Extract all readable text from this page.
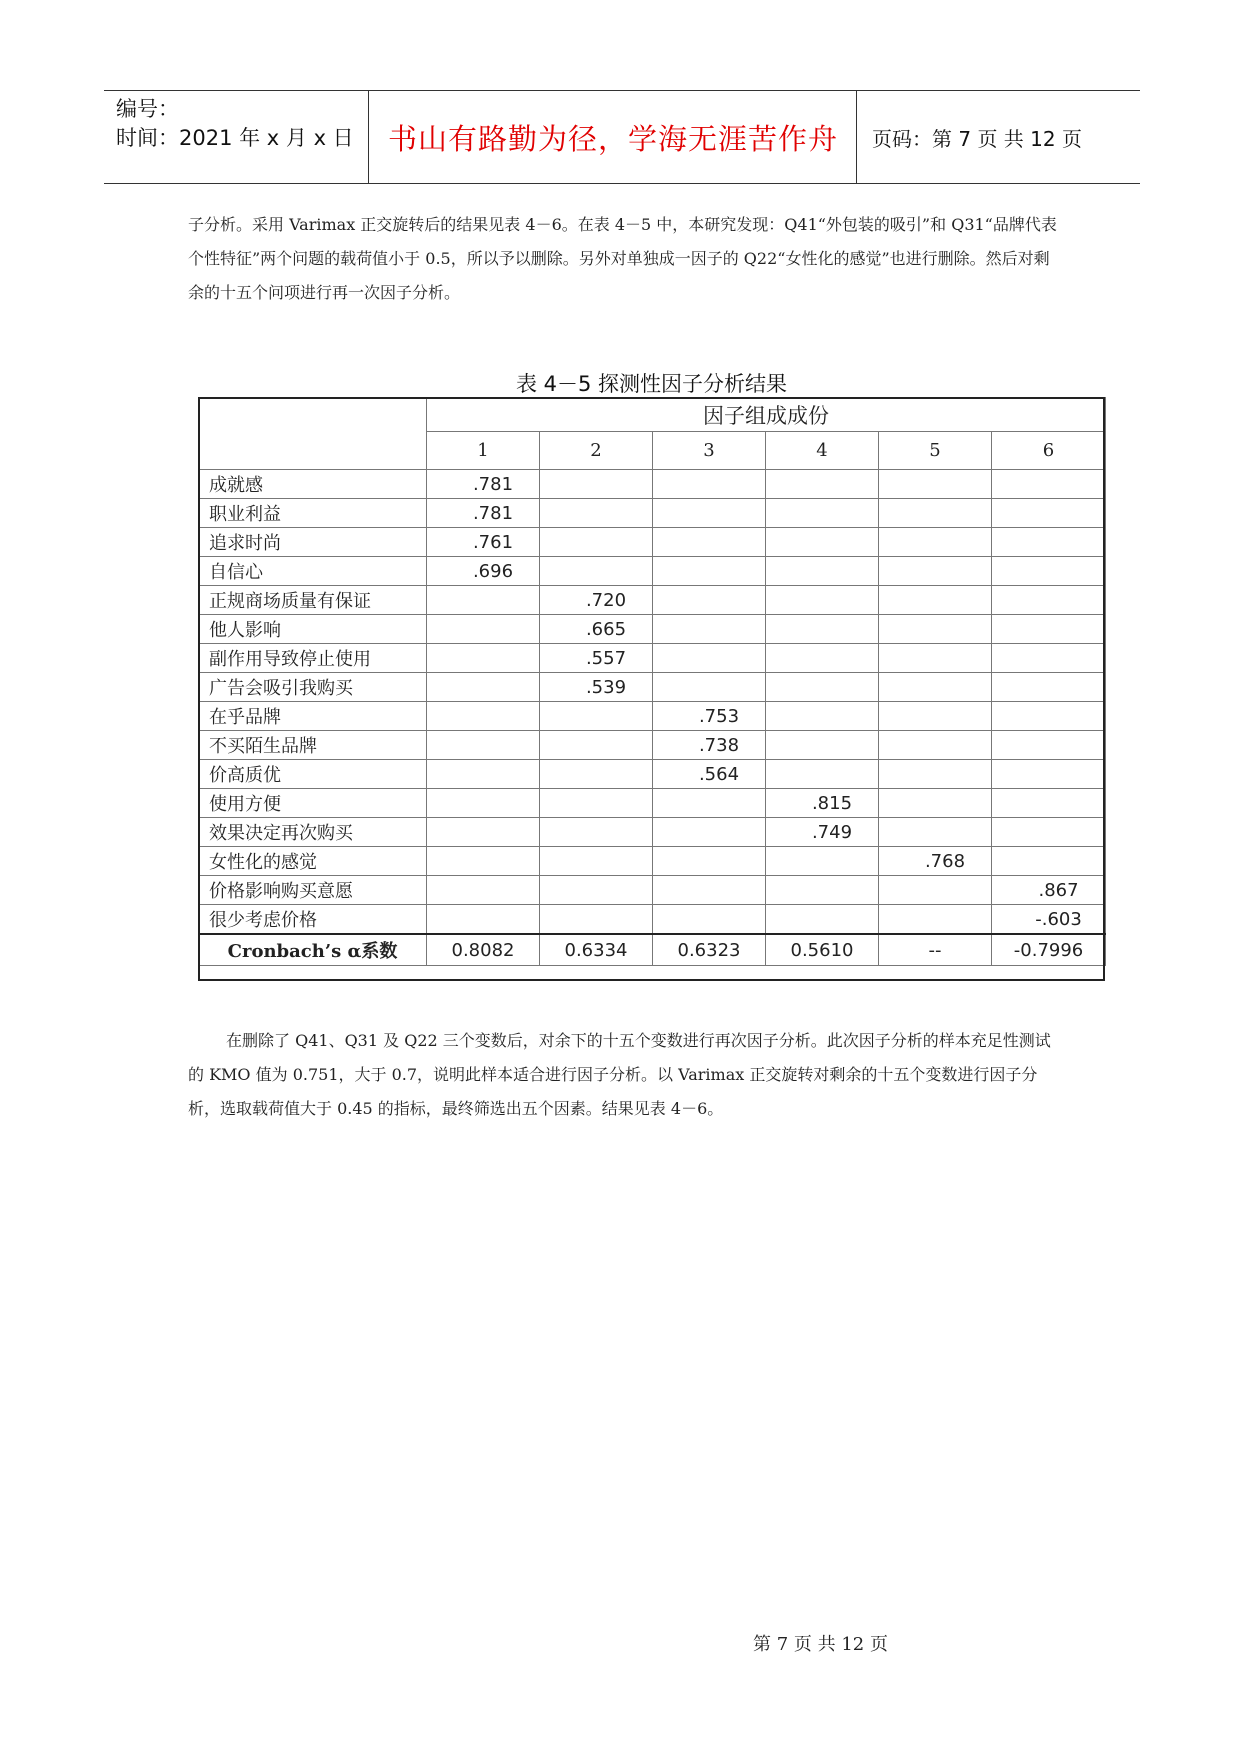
编号：
时间：2021 年 x 月 x 日	书山有路勤为径，学海无涯苦作舟	页码：第 7 页 共 12 页
子分析。采用 Varimax 正交旋转后的结果见表 4－6。在表 4－5 中，本研究发现：Q41“外包装的吸引”和 Q31“品牌代表个性特征”两个问题的载荷值小于 0.5，所以予以删除。另外对单独成一因子的 Q22“女性化的感觉”也进行删除。然后对剩余的十五个问项进行再一次因子分析。
表 4－5 探测性因子分析结果
	因子组成成份					
	1	2	3	4	5	6
成就感	.781					
职业利益	.781					
追求时尚	.761					
自信心	.696					
正规商场质量有保证		.720				
他人影响		.665				
副作用导致停止使用		.557				
广告会吸引我购买		.539				
在乎品牌			.753			
不买陌生品牌			.738			
价高质优			.564			
使用方便				.815		
效果决定再次购买				.749		
女性化的感觉					.768	
价格影响购买意愿						.867
很少考虑价格						-.603
Cronbach’s α系数	0.8082	0.6334	0.6323	0.5610	--	-0.7996
在删除了 Q41、Q31 及 Q22 三个变数后，对余下的十五个变数进行再次因子分析。此次因子分析的样本充足性测试的 KMO 值为 0.751，大于 0.7，说明此样本适合进行因子分析。以 Varimax 正交旋转对剩余的十五个变数进行因子分析，选取载荷值大于 0.45 的指标，最终筛选出五个因素。结果见表 4－6。
第 7 页 共 12 页
